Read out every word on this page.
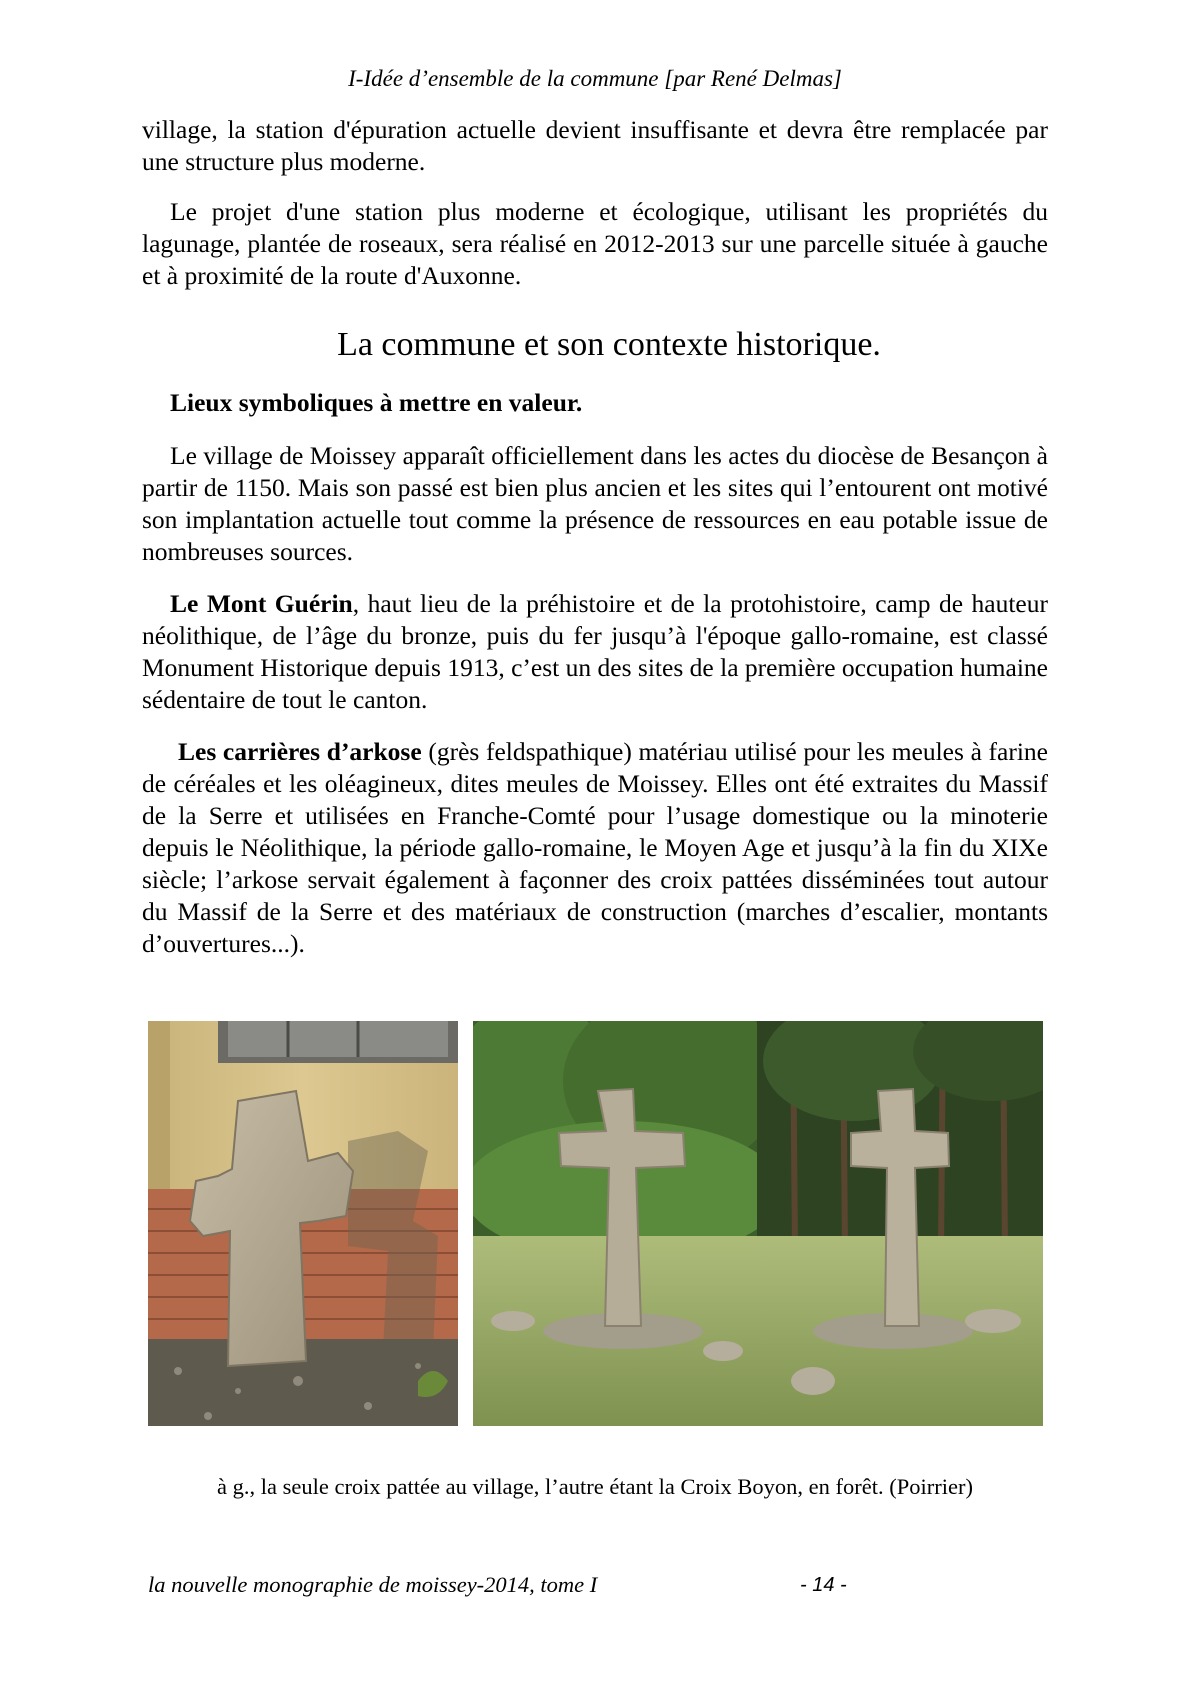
I-Idée d’ensemble de la commune [par René Delmas]

village, la station d'épuration actuelle devient insuffisante et devra être remplacée par une structure plus moderne.

Le projet d'une station plus moderne et écologique, utilisant les propriétés du lagunage, plantée de roseaux, sera réalisé en 2012-2013 sur une parcelle située à gauche et à proximité de la route d'Auxonne.

La commune et son contexte historique.
Lieux symboliques à mettre en valeur.

Le village de Moissey apparaît officiellement dans les actes du diocèse de Besançon à partir de 1150. Mais son passé est bien plus ancien et les sites qui l’entourent ont motivé son implantation actuelle tout comme la présence de ressources en eau potable issue de nombreuses sources.

Le Mont Guérin, haut lieu de la préhistoire et de la protohistoire, camp de hauteur néolithique, de l’âge du bronze, puis du fer jusqu’à l'époque gallo-romaine, est classé Monument Historique depuis 1913, c’est un des sites de la première occupation humaine sédentaire de tout le canton.

Les carrières d’arkose (grès feldspathique) matériau utilisé pour les meules à farine de céréales et les oléagineux, dites meules de Moissey. Elles ont été extraites du Massif de la Serre et utilisées en Franche-Comté pour l’usage domestique ou la minoterie depuis le Néolithique, la période gallo-romaine, le Moyen Age et jusqu’à la fin du XIXe siècle; l’arkose servait également à façonner des croix pattées disséminées tout autour du Massif de la Serre et des matériaux de construction (marches d’escalier, montants d’ouvertures...).

à g., la seule croix pattée au village, l’autre étant la Croix Boyon, en forêt. (Poirrier)
la nouvelle monographie de moissey-2014, tome I	- 14 -
